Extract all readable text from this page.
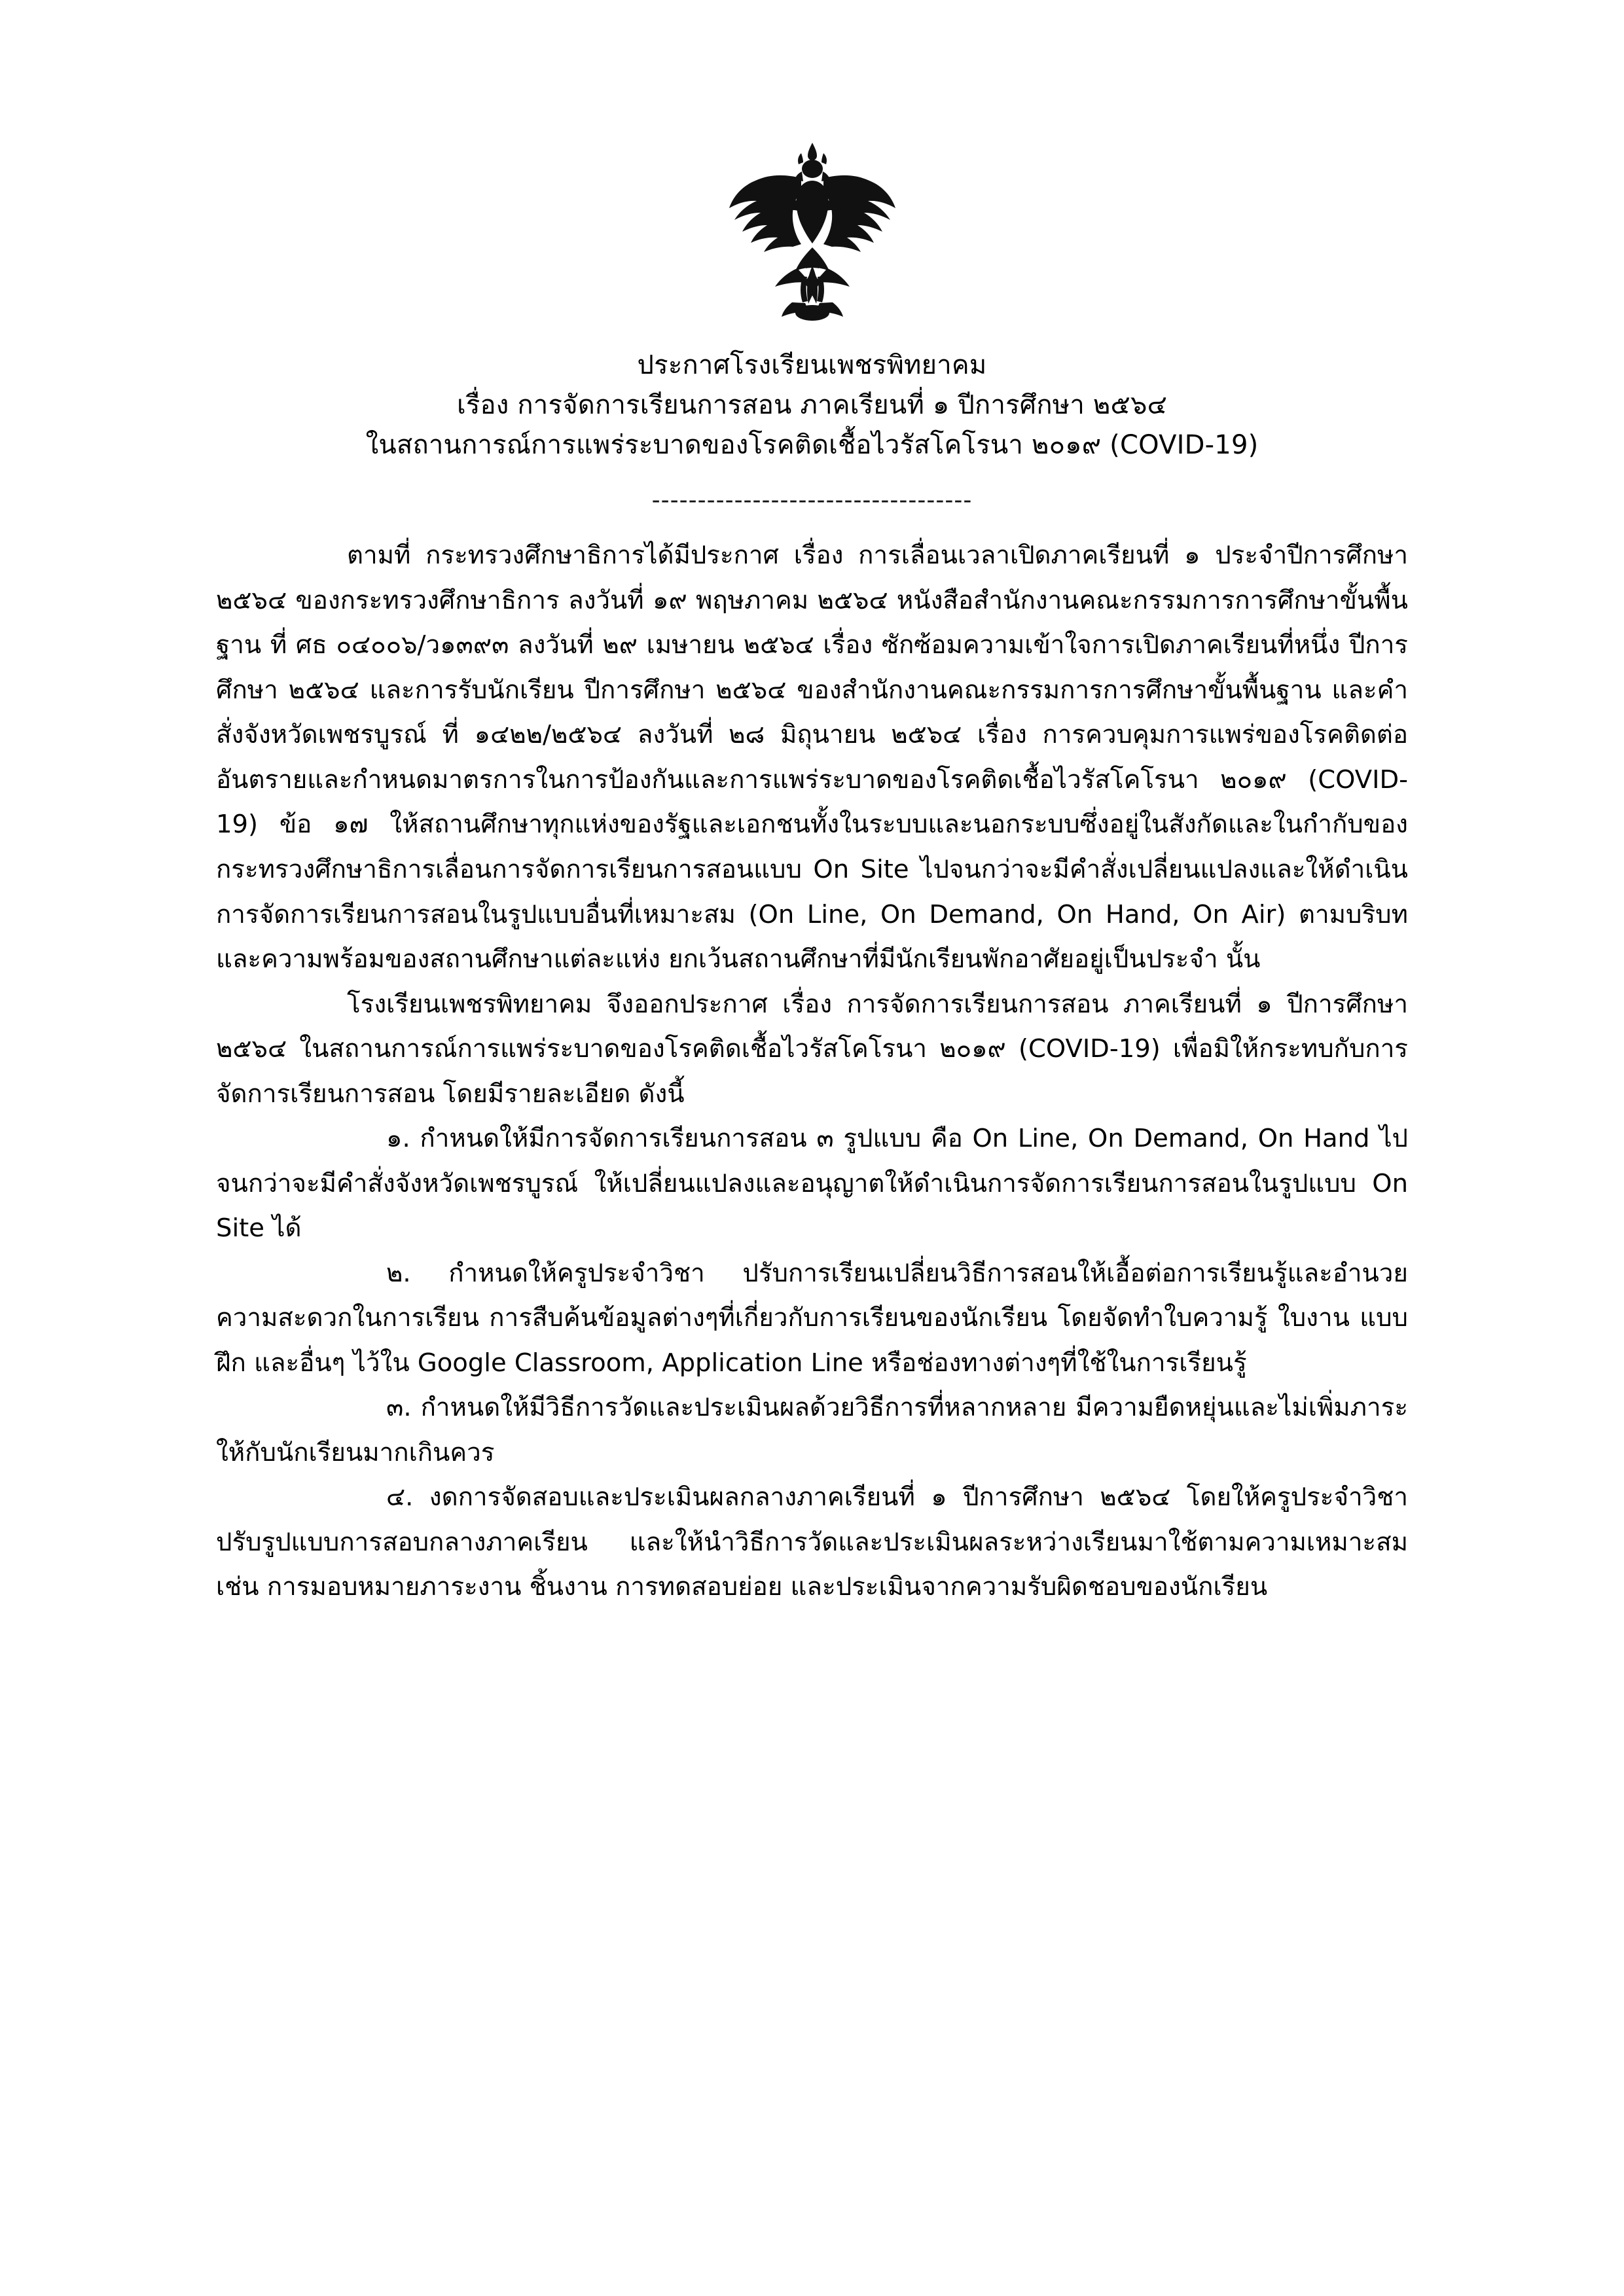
ประกาศโรงเรียนเพชรพิทยาคม
เรื่อง การจัดการเรียนการสอน ภาคเรียนที่ ๑ ปีการศึกษา ๒๕๖๔
ในสถานการณ์การแพร่ระบาดของโรคติดเชื้อไวรัสโคโรนา ๒๐๑๙ (COVID-19)
-----------------------------------

ตามที่ กระทรวงศึกษาธิการได้มีประกาศ เรื่อง การเลื่อนเวลาเปิดภาคเรียนที่ ๑ ประจำปีการศึกษา ๒๕๖๔ ของกระทรวงศึกษาธิการ ลงวันที่ ๑๙ พฤษภาคม ๒๕๖๔ หนังสือสำนักงานคณะกรรมการการศึกษาขั้นพื้นฐาน ที่ ศธ ๐๔๐๐๖/ว๑๓๙๓ ลงวันที่ ๒๙ เมษายน ๒๕๖๔ เรื่อง ซักซ้อมความเข้าใจการเปิดภาคเรียนที่หนึ่ง ปีการศึกษา ๒๕๖๔ และการรับนักเรียน ปีการศึกษา ๒๕๖๔ ของสำนักงานคณะกรรมการการศึกษาขั้นพื้นฐาน และคำสั่งจังหวัดเพชรบูรณ์ ที่ ๑๔๒๒/๒๕๖๔ ลงวันที่ ๒๘ มิถุนายน ๒๕๖๔ เรื่อง การควบคุมการแพร่ของโรคติดต่ออันตรายและกำหนดมาตรการในการป้องกันและการแพร่ระบาดของโรคติดเชื้อไวรัสโคโรนา ๒๐๑๙ (COVID-19) ข้อ ๑๗ ให้สถานศึกษาทุกแห่งของรัฐและเอกชนทั้งในระบบและนอกระบบซึ่งอยู่ในสังกัดและในกำกับของกระทรวงศึกษาธิการเลื่อนการจัดการเรียนการสอนแบบ On Site ไปจนกว่าจะมีคำสั่งเปลี่ยนแปลงและให้ดำเนินการจัดการเรียนการสอนในรูปแบบอื่นที่เหมาะสม (On Line, On Demand, On Hand, On Air) ตามบริบทและความพร้อมของสถานศึกษาแต่ละแห่ง ยกเว้นสถานศึกษาที่มีนักเรียนพักอาศัยอยู่เป็นประจำ นั้น

โรงเรียนเพชรพิทยาคม จึงออกประกาศ เรื่อง การจัดการเรียนการสอน ภาคเรียนที่ ๑ ปีการศึกษา ๒๕๖๔ ในสถานการณ์การแพร่ระบาดของโรคติดเชื้อไวรัสโคโรนา ๒๐๑๙ (COVID-19) เพื่อมิให้กระทบกับการจัดการเรียนการสอน โดยมีรายละเอียด ดังนี้

๑. กำหนดให้มีการจัดการเรียนการสอน ๓ รูปแบบ คือ On Line, On Demand, On Hand ไปจนกว่าจะมีคำสั่งจังหวัดเพชรบูรณ์ ให้เปลี่ยนแปลงและอนุญาตให้ดำเนินการจัดการเรียนการสอนในรูปแบบ On Site ได้

๒. กำหนดให้ครูประจำวิชา ปรับการเรียนเปลี่ยนวิธีการสอนให้เอื้อต่อการเรียนรู้และอำนวยความสะดวกในการเรียน การสืบค้นข้อมูลต่างๆที่เกี่ยวกับการเรียนของนักเรียน โดยจัดทำใบความรู้ ใบงาน แบบฝึก และอื่นๆ ไว้ใน Google Classroom, Application Line หรือช่องทางต่างๆที่ใช้ในการเรียนรู้

๓. กำหนดให้มีวิธีการวัดและประเมินผลด้วยวิธีการที่หลากหลาย มีความยืดหยุ่นและไม่เพิ่มภาระให้กับนักเรียนมากเกินควร

๔. งดการจัดสอบและประเมินผลกลางภาคเรียนที่ ๑ ปีการศึกษา ๒๕๖๔ โดยให้ครูประจำวิชาปรับรูปแบบการสอบกลางภาคเรียน และให้นำวิธีการวัดและประเมินผลระหว่างเรียนมาใช้ตามความเหมาะสม เช่น การมอบหมายภาระงาน ชิ้นงาน การทดสอบย่อย และประเมินจากความรับผิดชอบของนักเรียน
